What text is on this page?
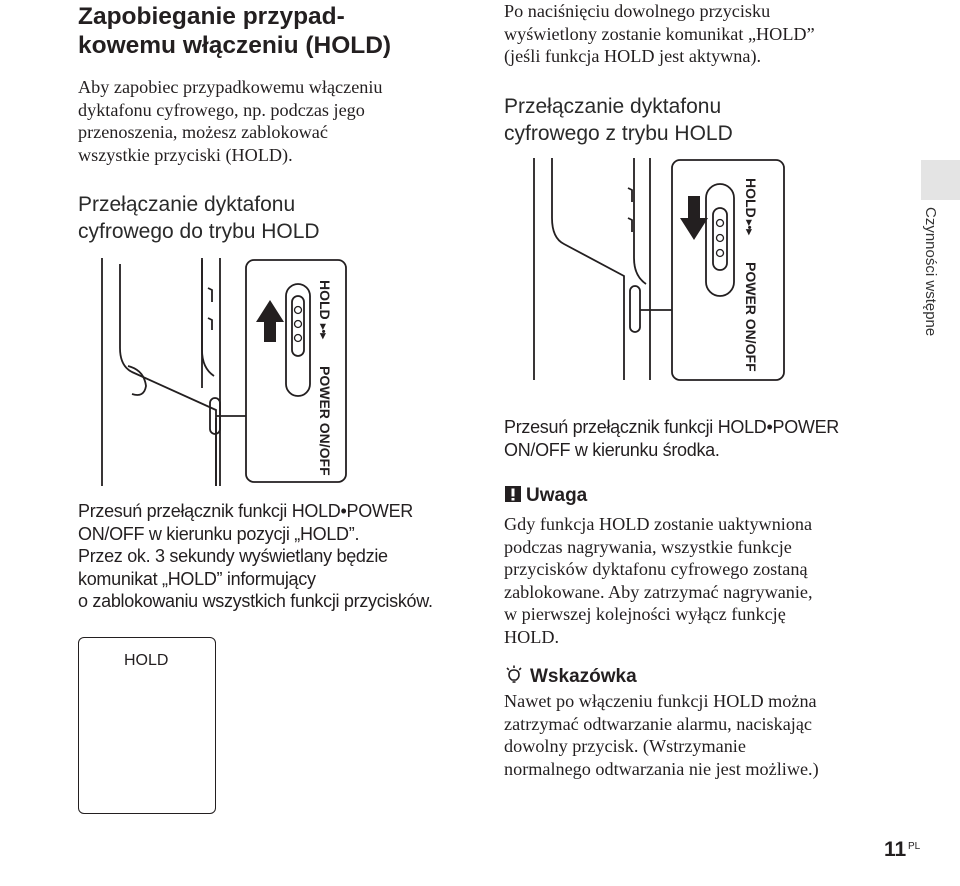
Zapobieganie przypad-
kowemu włączeniu (HOLD)
Aby zapobiec przypadkowemu włączeniu
dyktafonu cyfrowego, np. podczas jego
przenoszenia, możesz zablokować
wszystkie przyciski (HOLD).
Przełączanie dyktafonu
cyfrowego do trybu HOLD
HOLD
POWER ON/OFF
▸•▸
Przesuń przełącznik funkcji HOLD•POWER
ON/OFF w kierunku pozycji „HOLD”.
Przez ok. 3 sekundy wyświetlany będzie
komunikat „HOLD” informujący
o zablokowaniu wszystkich funkcji przycisków.
HOLD
Po naciśnięciu dowolnego przycisku
wyświetlony zostanie komunikat „HOLD”
(jeśli funkcja HOLD jest aktywna).
Przełączanie dyktafonu
cyfrowego z trybu HOLD
HOLD
POWER ON/OFF
▸•▸
Przesuń przełącznik funkcji HOLD•POWER
ON/OFF w kierunku środka.
Uwaga
Gdy funkcja HOLD zostanie uaktywniona
podczas nagrywania, wszystkie funkcje
przycisków dyktafonu cyfrowego zostaną
zablokowane. Aby zatrzymać nagrywanie,
w pierwszej kolejności wyłącz funkcję
HOLD.
Wskazówka
Nawet po włączeniu funkcji HOLD można
zatrzymać odtwarzanie alarmu, naciskając
dowolny przycisk. (Wstrzymanie
normalnego odtwarzania nie jest możliwe.)
Czynności wstępne
11 PL
